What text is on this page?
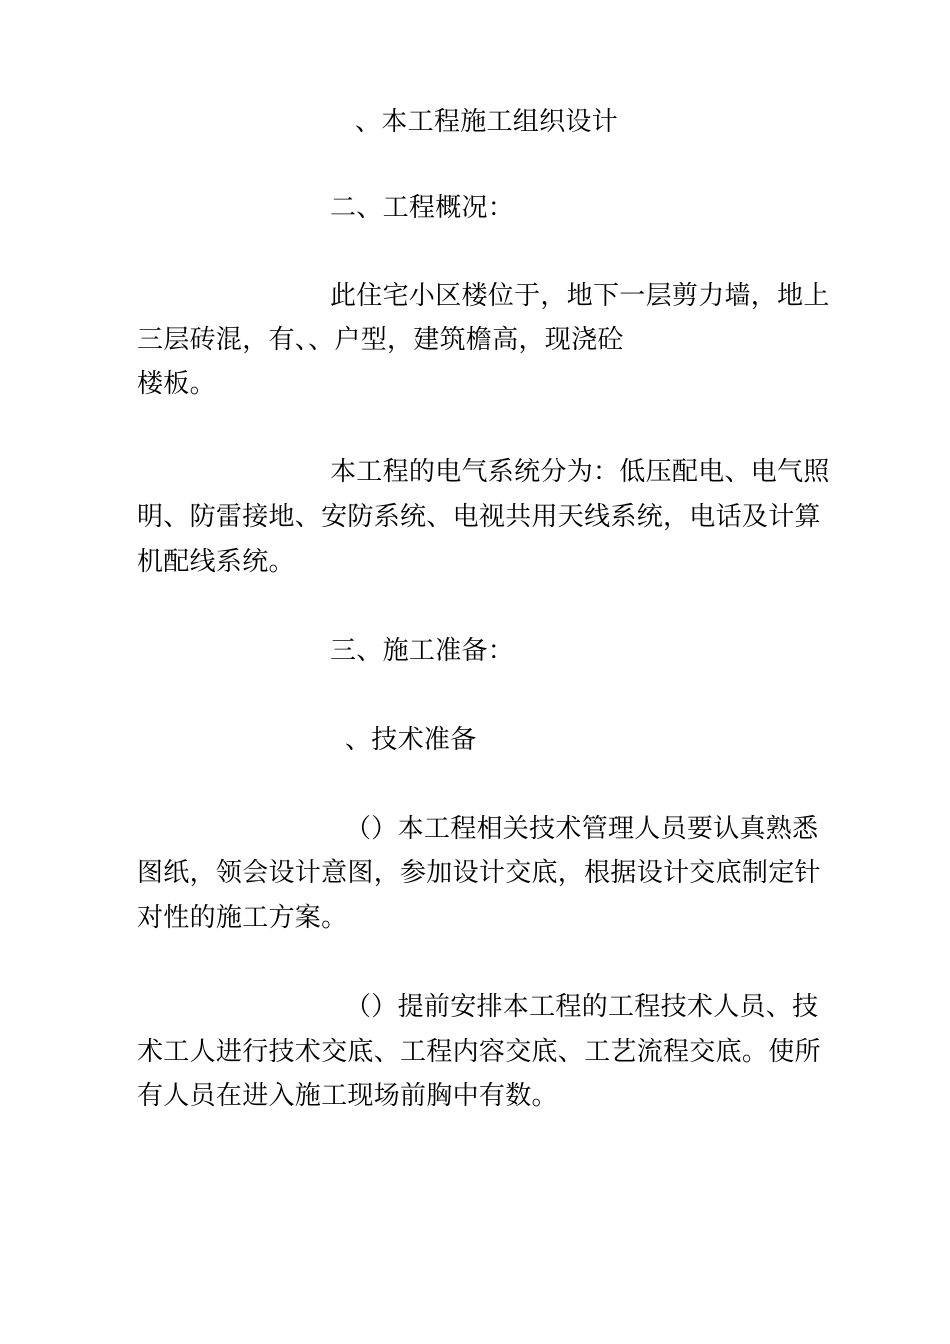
、本工程施工组织设计
二、工程概况：
此住宅小区楼位于，地下一层剪力墙，地上
三层砖混，有、、户型，建筑檐高，现浇砼
楼板。
本工程的电气系统分为：低压配电、电气照
明、防雷接地、安防系统、电视共用天线系统，电话及计算
机配线系统。
三、施工准备：
、技术准备
（）本工程相关技术管理人员要认真熟悉
图纸，领会设计意图，参加设计交底，根据设计交底制定针
对性的施工方案。
（）提前安排本工程的工程技术人员、技
术工人进行技术交底、工程内容交底、工艺流程交底。使所
有人员在进入施工现场前胸中有数。
